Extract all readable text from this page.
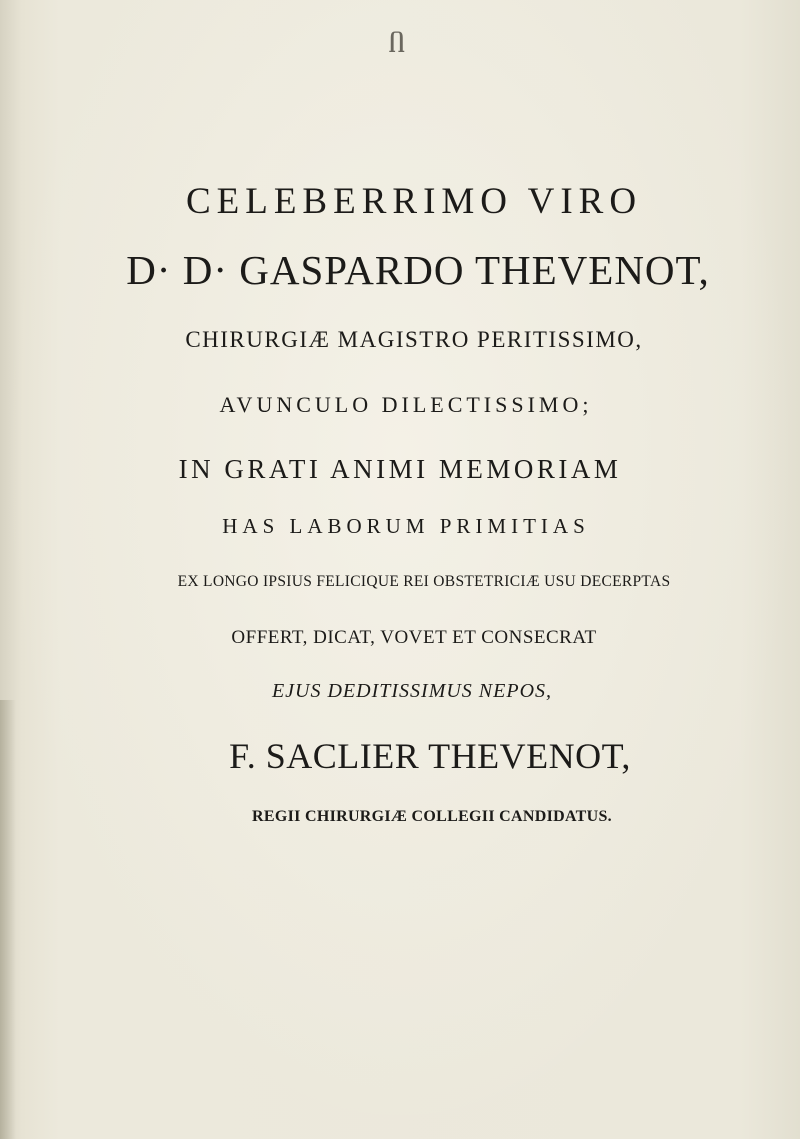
Ⴖ
CELEBERRIMO VIRO
D· D· GASPARDO THEVENOT,
CHIRURGIÆ MAGISTRO PERITISSIMO,
AVUNCULO DILECTISSIMO;
IN GRATI ANIMI MEMORIAM
HAS LABORUM PRIMITIAS
EX LONGO IPSIUS FELICIQUE REI OBSTETRICIÆ USU DECERPTAS
OFFERT, DICAT, VOVET ET CONSECRAT
EJUS DEDITISSIMUS NEPOS,
F. SACLIER THEVENOT,
REGII CHIRURGIÆ COLLEGII CANDIDATUS.
